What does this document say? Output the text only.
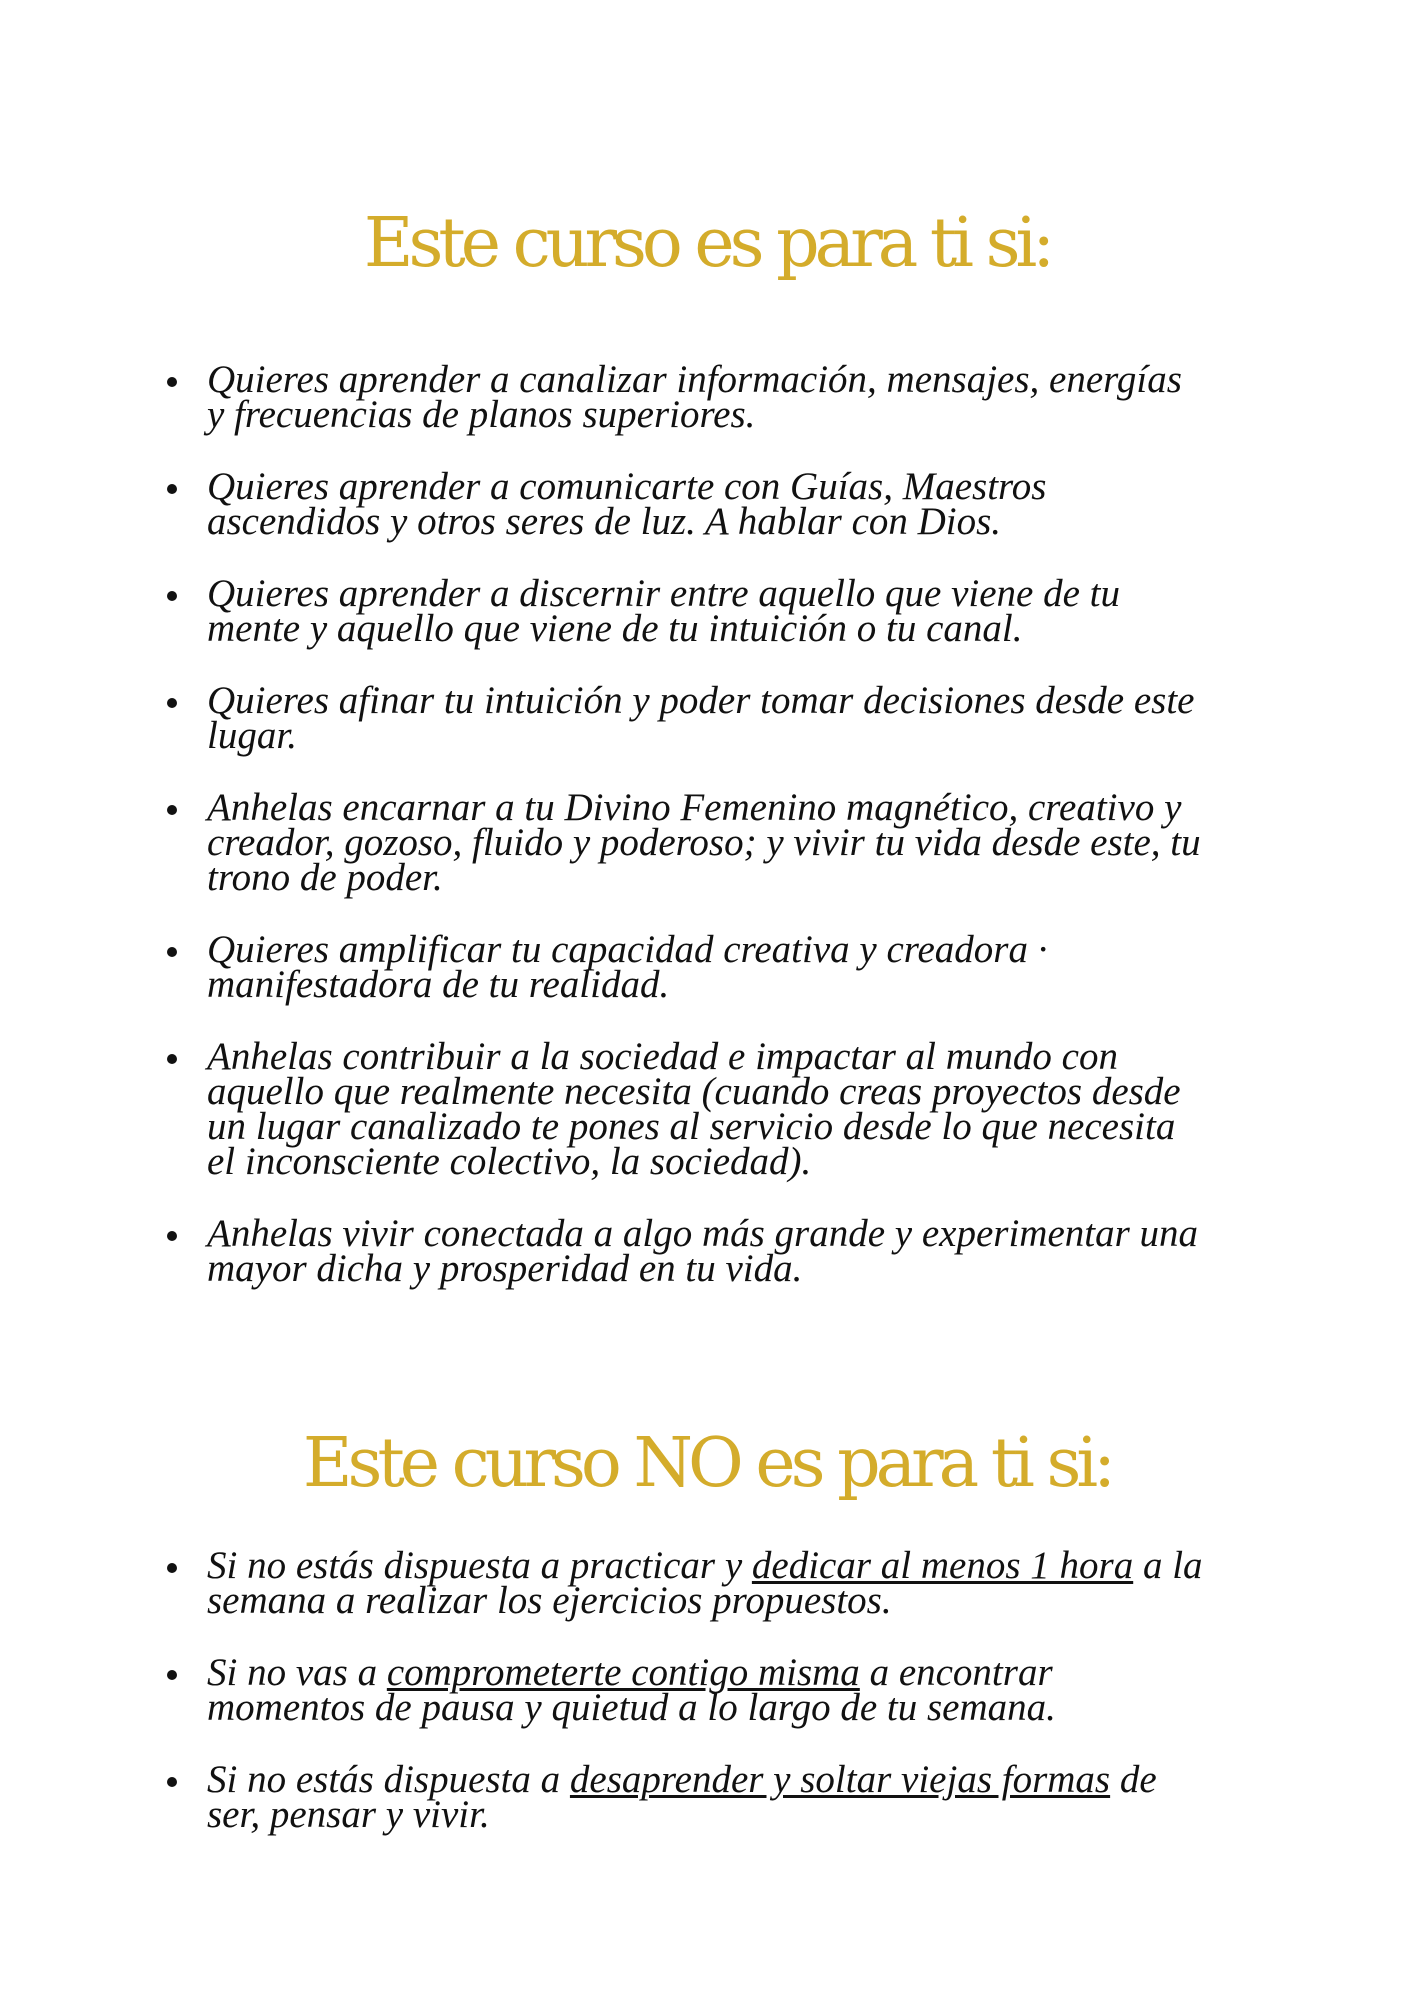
Este curso es para ti si:
Quieres aprender a canalizar información, mensajes, energías y frecuencias de planos superiores.
Quieres aprender a comunicarte con Guías, Maestros ascendidos y otros seres de luz. A hablar con Dios.
Quieres aprender a discernir entre aquello que viene de tu mente y aquello que viene de tu intuición o tu canal.
Quieres afinar tu intuición y poder tomar decisiones desde este lugar.
Anhelas encarnar a tu Divino Femenino magnético, creativo y creador, gozoso, fluido y poderoso; y vivir tu vida desde este, tu trono de poder.
Quieres amplificar tu capacidad creativa y creadora · manifestadora de tu realidad.
Anhelas contribuir a la sociedad e impactar al mundo con aquello que realmente necesita (cuando creas proyectos desde un lugar canalizado te pones al servicio desde lo que necesita el inconsciente colectivo, la sociedad).
Anhelas vivir conectada a algo más grande y experimentar una mayor dicha y prosperidad en tu vida.
Este curso NO es para ti si:
Si no estás dispuesta a practicar y dedicar al menos 1 hora a la semana a realizar los ejercicios propuestos.
Si no vas a comprometerte contigo misma a encontrar momentos de pausa y quietud a lo largo de tu semana.
Si no estás dispuesta a desaprender y soltar viejas formas de ser, pensar y vivir.
